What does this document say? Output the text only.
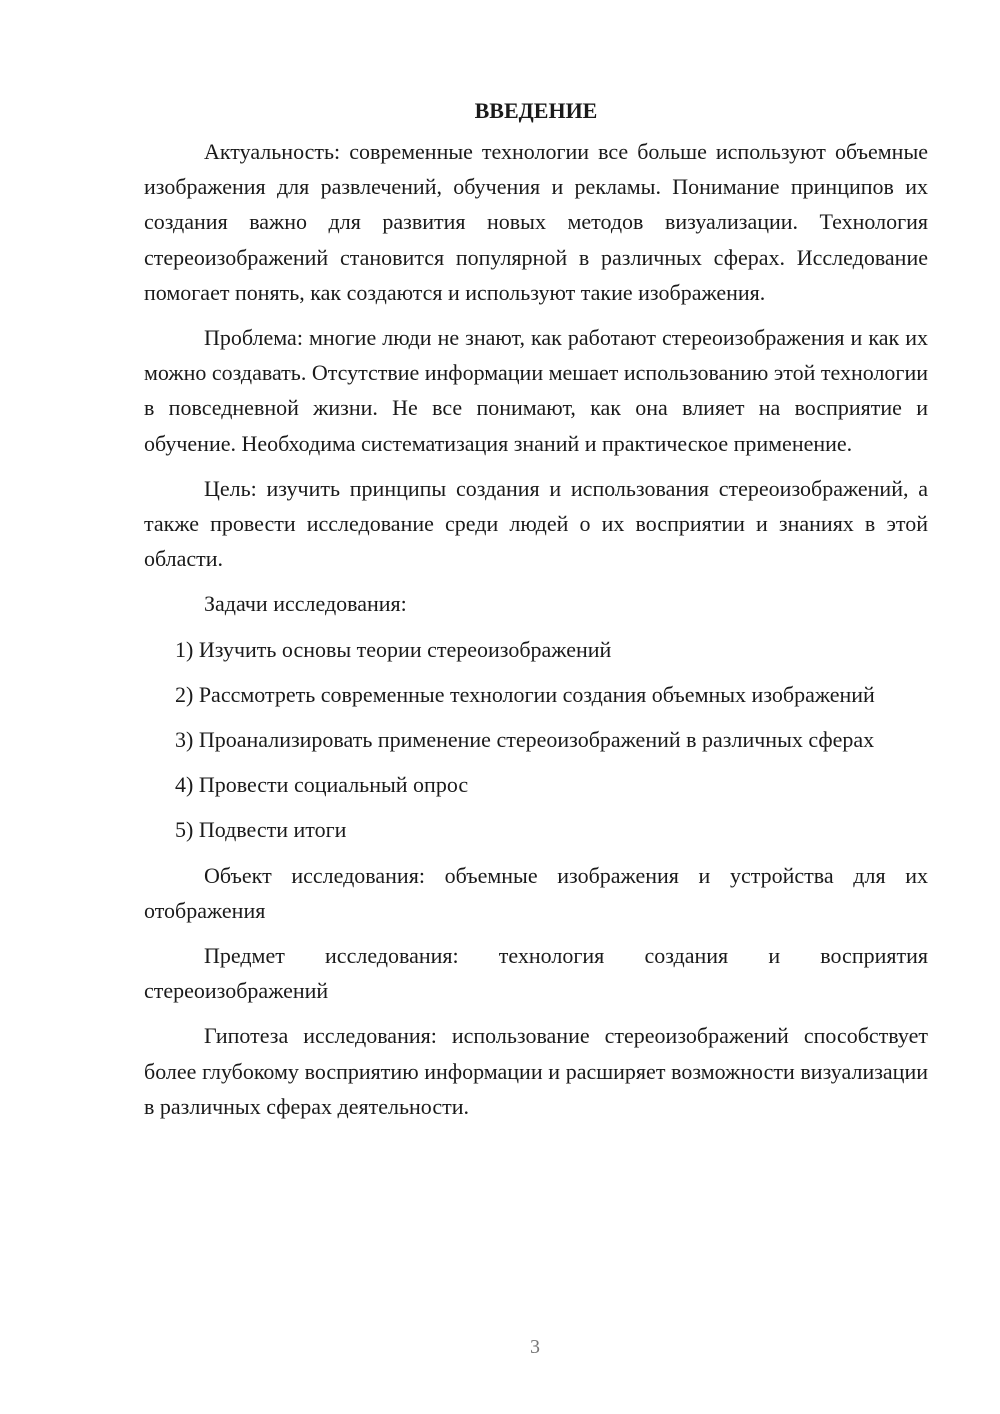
ВВЕДЕНИЕ

Актуальность: современные технологии все больше используют объемные изображения для развлечений, обучения и рекламы. Понимание принципов их создания важно для развития новых методов визуализации. Технология стереоизображений становится популярной в различных сферах. Исследование помогает понять, как создаются и используют такие изображения.

Проблема: многие люди не знают, как работают стереоизображения и как их можно создавать. Отсутствие информации мешает использованию этой технологии в повседневной жизни. Не все понимают, как она влияет на восприятие и обучение. Необходима систематизация знаний и практическое применение.

Цель: изучить принципы создания и использования стереоизображений, а также провести исследование среди людей о их восприятии и знаниях в этой области.

Задачи исследования:

1) Изучить основы теории стереоизображений

2) Рассмотреть современные технологии создания объемных изображений

3) Проанализировать применение стереоизображений в различных сферах

4) Провести социальный опрос

5) Подвести итоги

Объект исследования: объемные изображения и устройства для их отображения

Предмет исследования: технология создания и восприятия стереоизображений

Гипотеза исследования: использование стереоизображений способствует более глубокому восприятию информации и расширяет возможности визуализации в различных сферах деятельности.

3
